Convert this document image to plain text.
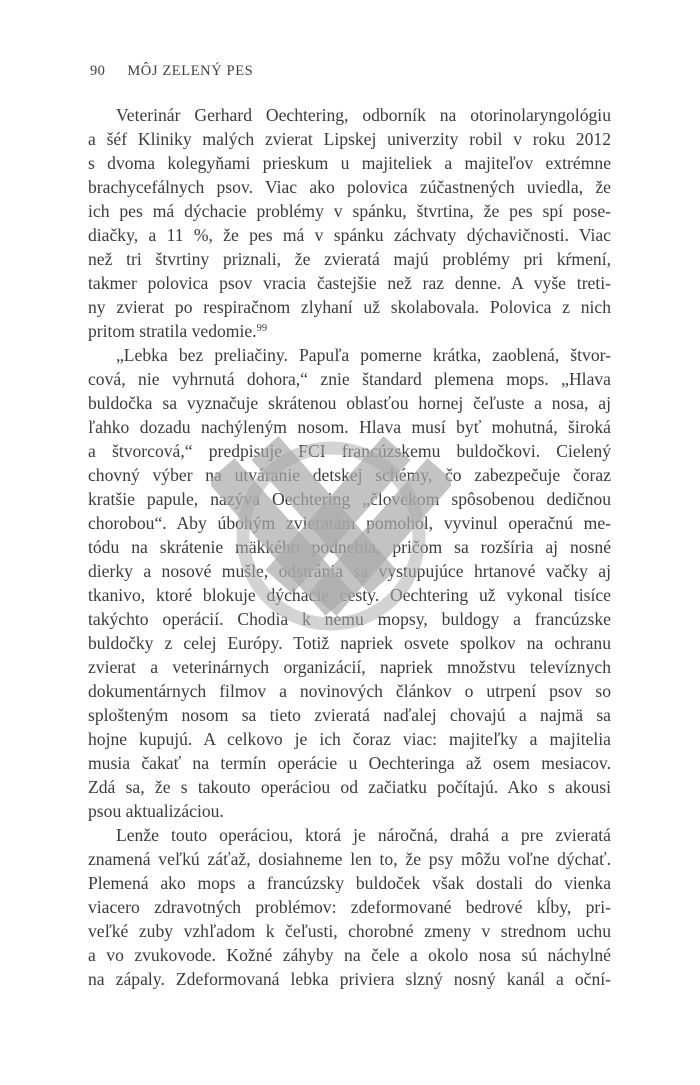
90 MÔJ ZELENÝ PES
Veterinár Gerhard Oechtering, odborník na otorinolaryngológiu
a šéf Kliniky malých zvierat Lipskej univerzity robil v roku 2012
s dvoma kolegyňami prieskum u majiteliek a majiteľov extrémne
brachycefálnych psov. Viac ako polovica zúčastnených uviedla, že
ich pes má dýchacie problémy v spánku, štvrtina, že pes spí pose-
diačky, a 11 %, že pes má v spánku záchvaty dýchavičnosti. Viac
než tri štvrtiny priznali, že zvieratá majú problémy pri kŕmení,
takmer polovica psov vracia častejšie než raz denne. A vyše treti-
ny zvierat po respiračnom zlyhaní už skolabovala. Polovica z nich
pritom stratila vedomie.$^{99}$
„Lebka bez preliačiny. Papuľa pomerne krátka, zaoblená, štvor-
cová, nie vyhrnutá dohora,“ znie štandard plemena mops. „Hlava
buldočka sa vyznačuje skrátenou oblasťou hornej čeľuste a nosa, aj
ľahko dozadu nachýleným nosom. Hlava musí byť mohutná, široká
a štvorcová,“ predpisuje FCI francúzskemu buldočkovi. Cielený
chovný výber na utváranie detskej schémy, čo zabezpečuje čoraz
kratšie papule, nazýva Oechtering „človekom spôsobenou dedičnou
chorobou“. Aby úbohým zvieratám pomohol, vyvinul operačnú me-
tódu na skrátenie mäkkého podnebia, pričom sa rozšíria aj nosné
dierky a nosové mušle, odstránia sa vystupujúce hrtanové vačky aj
tkanivo, ktoré blokuje dýchacie cesty. Oechtering už vykonal tisíce
takýchto operácií. Chodia k nemu mopsy, buldogy a francúzske
buldočky z celej Európy. Totiž napriek osvete spolkov na ochranu
zvierat a veterinárnych organizácií, napriek množstvu televíznych
dokumentárnych filmov a novinových článkov o utrpení psov so
splošteným nosom sa tieto zvieratá naďalej chovajú a najmä sa
hojne kupujú. A celkovo je ich čoraz viac: majiteľky a majitelia
musia čakať na termín operácie u Oechteringa až osem mesiacov.
Zdá sa, že s takouto operáciou od začiatku počítajú. Ako s akousi
psou aktualizáciou.
Lenže touto operáciou, ktorá je náročná, drahá a pre zvieratá
znamená veľkú záťaž, dosiahneme len to, že psy môžu voľne dýchať.
Plemená ako mops a francúzsky buldoček však dostali do vienka
viacero zdravotných problémov: zdeformované bedrové kĺby, pri-
veľké zuby vzhľadom k čeľusti, chorobné zmeny v strednom uchu
a vo zvukovode. Kožné záhyby na čele a okolo nosa sú náchylné
na zápaly. Zdeformovaná lebka priviera slzný nosný kanál a oční-
